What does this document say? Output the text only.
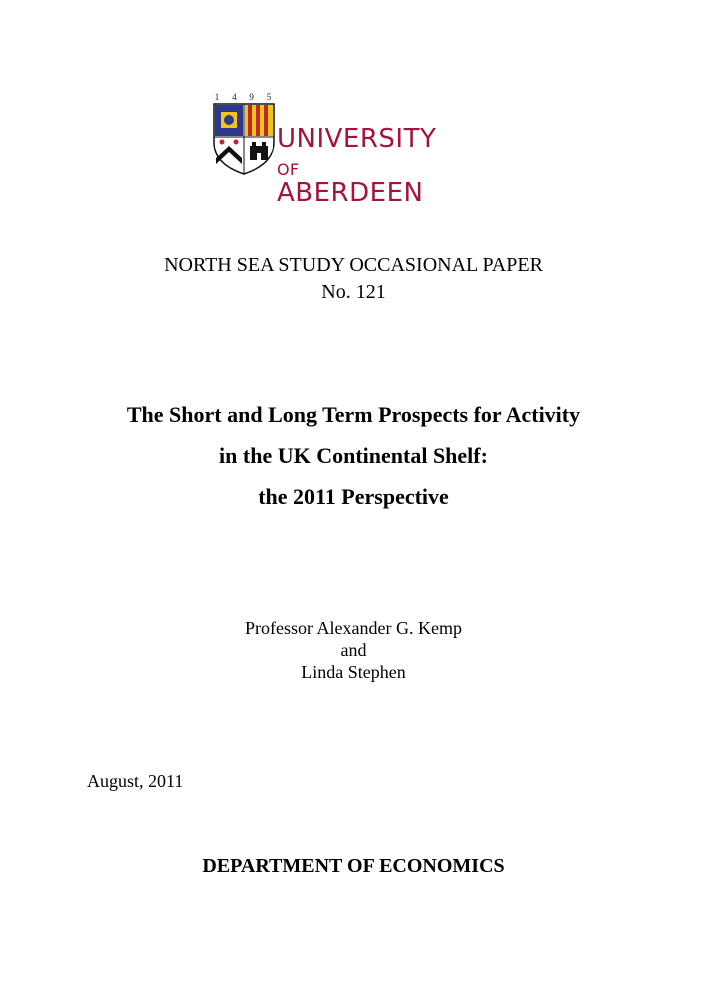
1	4	9	5
UNIVERSITY
OF ABERDEEN
NORTH SEA STUDY OCCASIONAL PAPER
No. 121
The Short and Long Term Prospects for Activity
in the UK Continental Shelf:
the 2011 Perspective
Professor Alexander G. Kemp
and
Linda Stephen
August, 2011
DEPARTMENT OF ECONOMICS
